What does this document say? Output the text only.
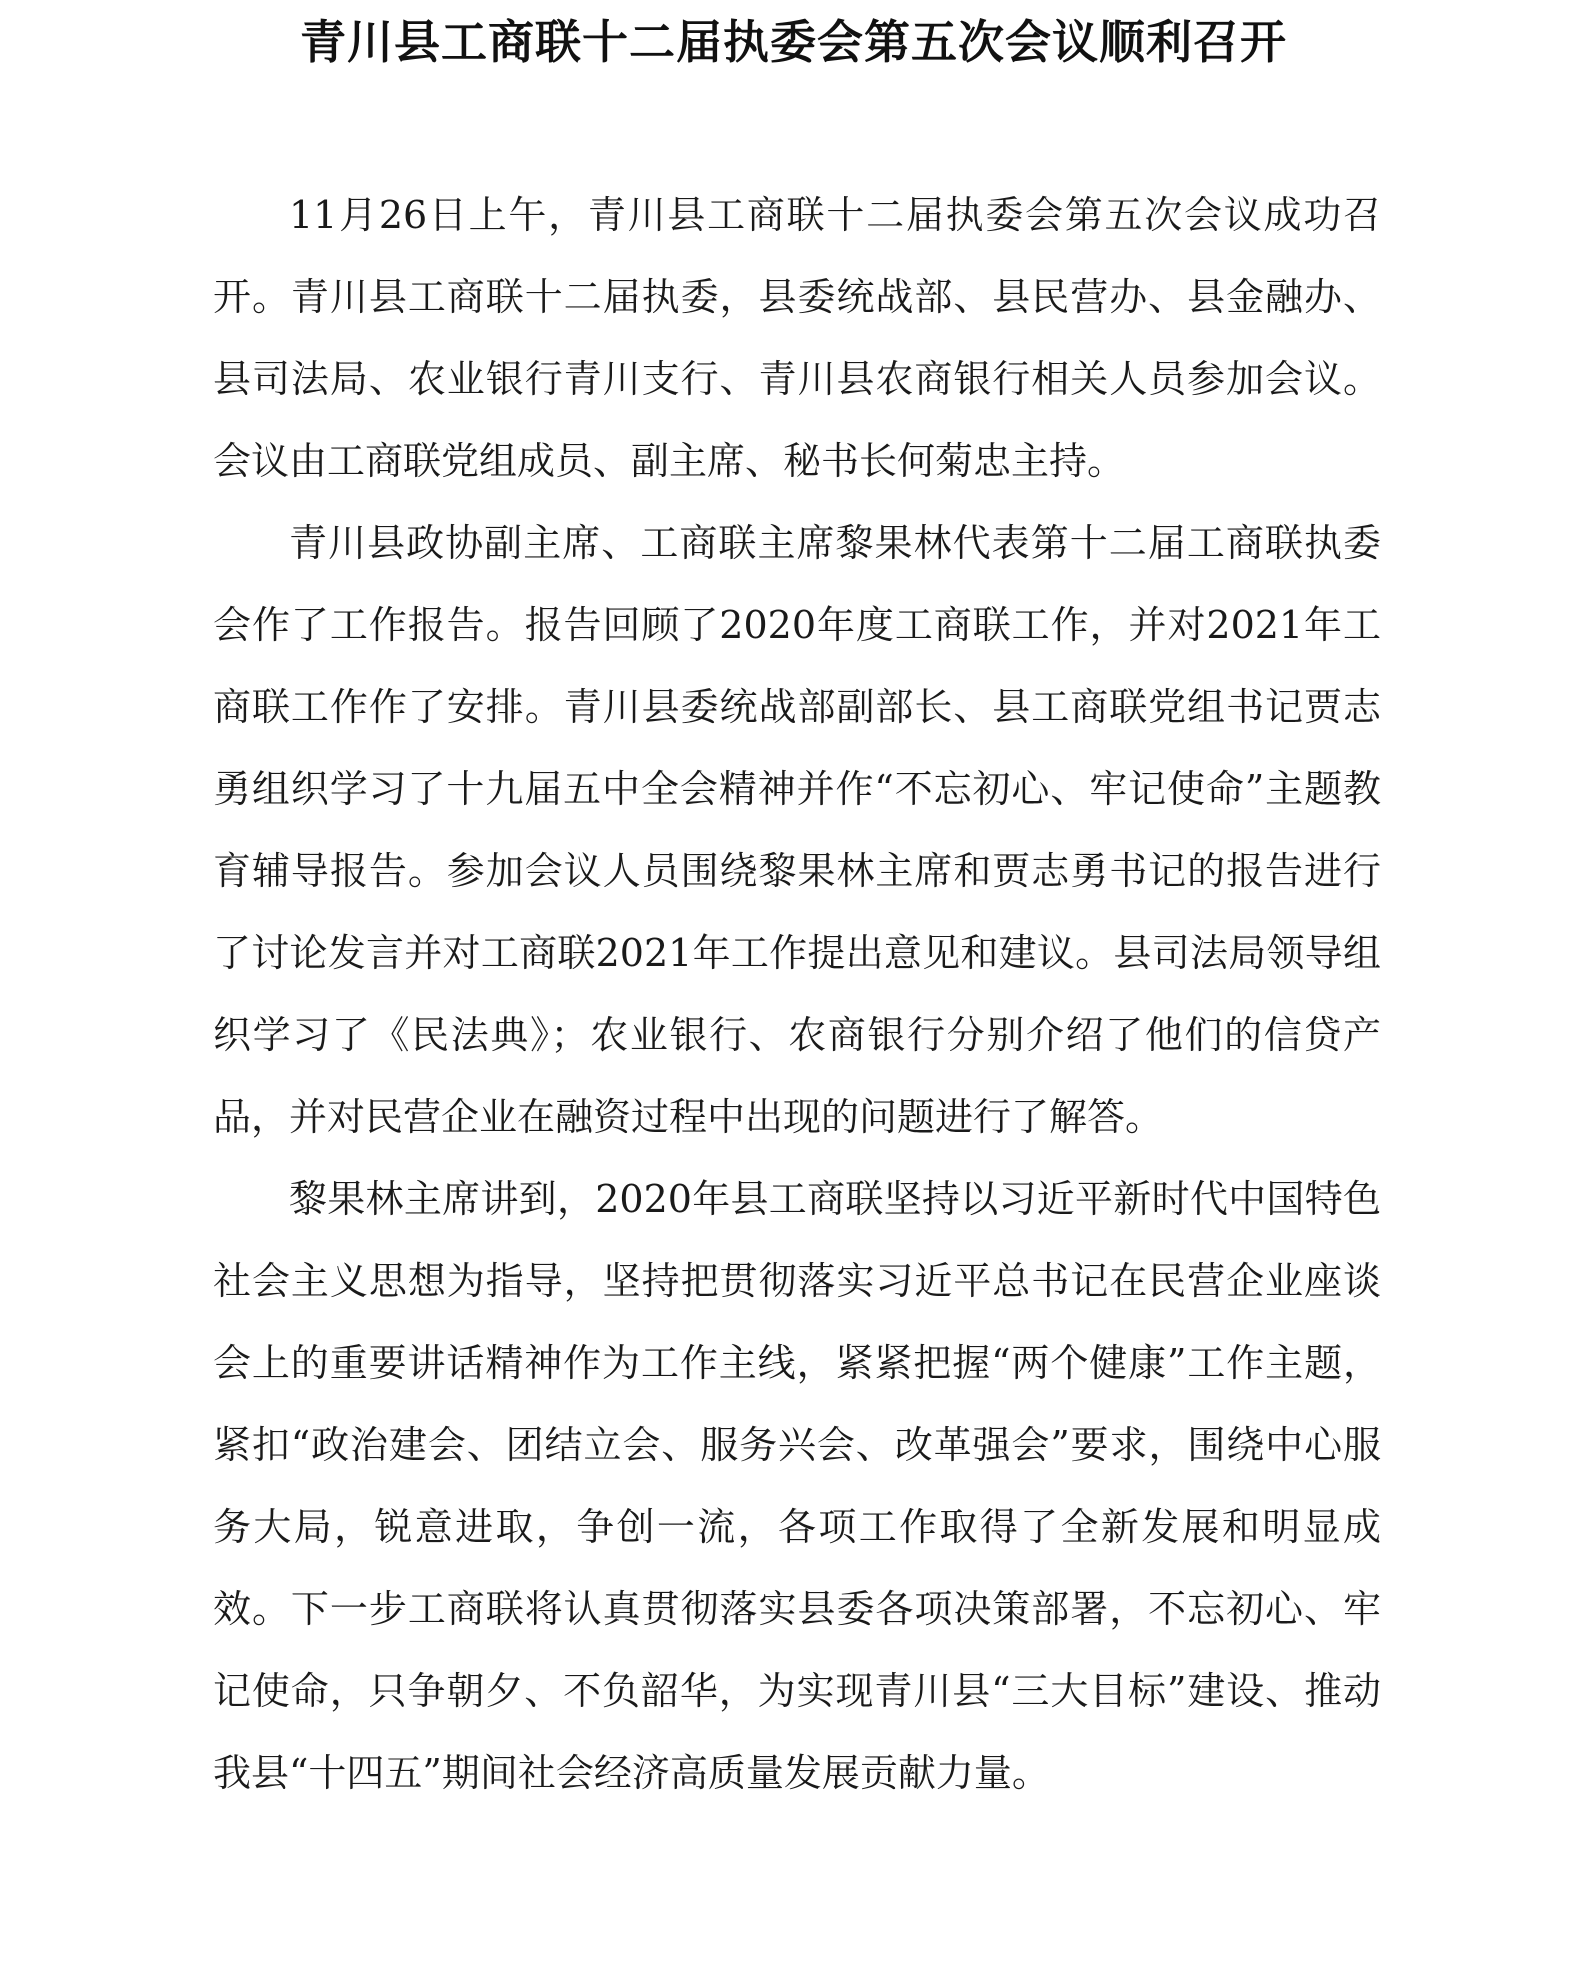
青川县工商联十二届执委会第五次会议顺利召开

11月26日上午，青川县工商联十二届执委会第五次会议成功召开。青川县工商联十二届执委，县委统战部、县民营办、县金融办、县司法局、农业银行青川支行、青川县农商银行相关人员参加会议。会议由工商联党组成员、副主席、秘书长何菊忠主持。

青川县政协副主席、工商联主席黎果林代表第十二届工商联执委会作了工作报告。报告回顾了2020年度工商联工作，并对2021年工商联工作作了安排。青川县委统战部副部长、县工商联党组书记贾志勇组织学习了十九届五中全会精神并作“不忘初心、牢记使命”主题教育辅导报告。参加会议人员围绕黎果林主席和贾志勇书记的报告进行了讨论发言并对工商联2021年工作提出意见和建议。县司法局领导组织学习了《民法典》；农业银行、农商银行分别介绍了他们的信贷产品，并对民营企业在融资过程中出现的问题进行了解答。

黎果林主席讲到，2020年县工商联坚持以习近平新时代中国特色社会主义思想为指导，坚持把贯彻落实习近平总书记在民营企业座谈会上的重要讲话精神作为工作主线，紧紧把握“两个健康”工作主题，紧扣“政治建会、团结立会、服务兴会、改革强会”要求，围绕中心服务大局，锐意进取，争创一流，各项工作取得了全新发展和明显成效。下一步工商联将认真贯彻落实县委各项决策部署，不忘初心、牢记使命，只争朝夕、不负韶华，为实现青川县“三大目标”建设、推动我县“十四五”期间社会经济高质量发展贡献力量。
